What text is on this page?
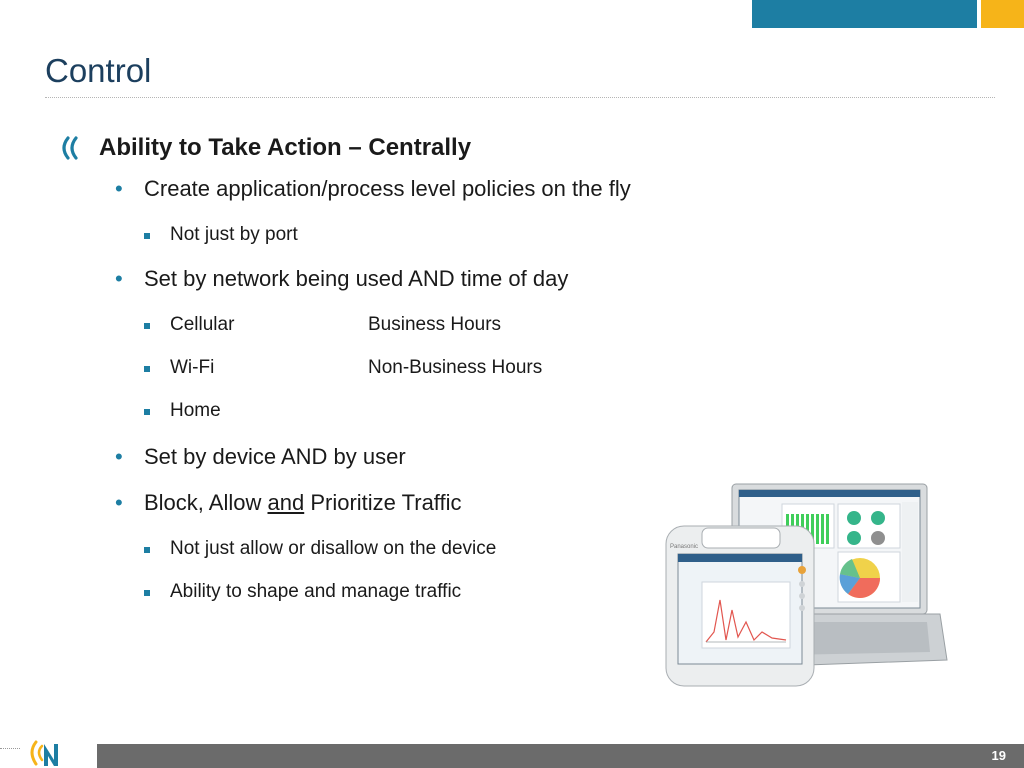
Control
Ability to Take Action – Centrally
• Create application/process level policies on the fly
Not just by port
• Set by network being used AND time of day
Cellular	Business Hours
Wi-Fi	Non-Business Hours
Home
• Set by device AND by user
• Block, Allow and Prioritize Traffic
Not just allow or disallow on the device
Ability to shape and manage traffic
Panasonic
19
